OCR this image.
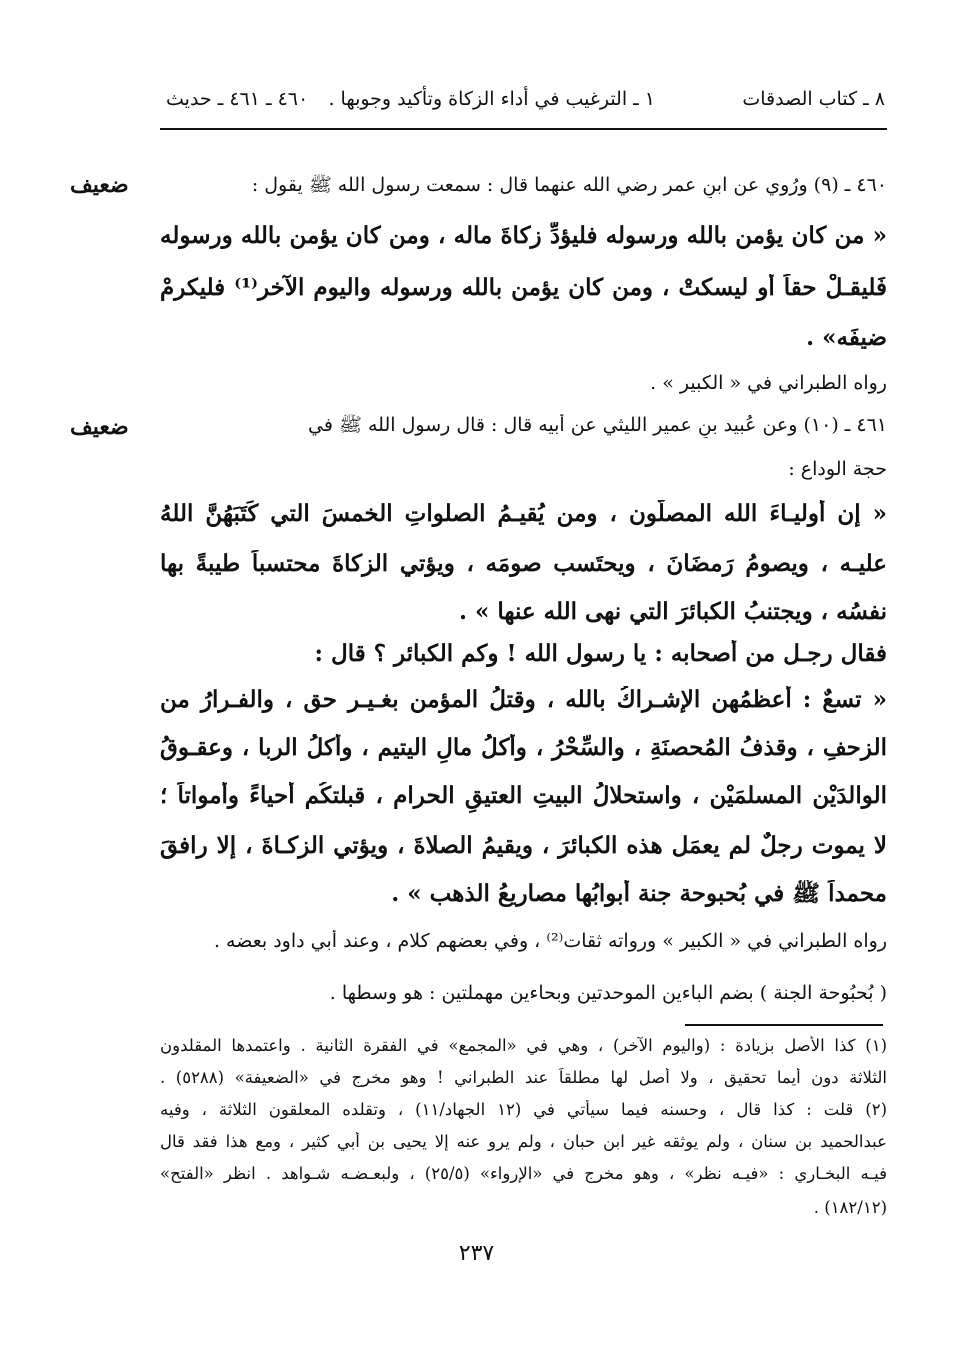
٨ ـ كتاب الصدقات
١ ـ الترغيب في أداء الزكاة وتأكيد وجوبها .
٤٦٠ ـ ٤٦١ ـ حديث
ضعيف	٤٦٠ ـ (٩) ورُوي عن ابنِ عمر رضي الله عنهما قال : سمعت رسول الله ﷺ يقول :
« من كان يؤمن بالله ورسوله فليؤدِّ زكاةَ ماله ، ومن كان يؤمن بالله ورسوله
فَليقـلْ حقاً أَو ليسكتْ ، ومن كان يؤمن بالله ورسوله واليوم الآخر⁽¹⁾ فليكرمْ
ضيفَه» .
رواه الطبراني في « الكبير » .
ضعيف	٤٦١ ـ (١٠) وعن عُبيد بنِ عمير الليثي عن أبيه قال : قال رسول الله ﷺ في
حجة الوداع :
« إن أَوليـاءَ الله المصلُّون ، ومن يُقيـمُ الصلواتِ الخمسَ التي كَتَبَهُنَّ اللهُ
عليـه ، ويصومُ رَمضَانَ ، ويحتَسب صومَه ، ويؤتي الزكاةَ محتسباً طيبةً بها
نفسُه ، ويجتنبُ الكبائرَ التي نهى الله عنها » .
فقال رجـل من أصحابه : يا رسول الله ! وكم الكبائر ؟ قال :
« تسعٌ : أعظمُهن الإشـراكُ بالله ، وقتلُ المؤمن بغـيـر حق ، والفـرارُ من
الزحفِ ، وقذفُ المُحصنَةِ ، والسِّحْرُ ، وأكلُ مالِ اليتيم ، وأَكلُ الربا ، وعقـوقُ
الوالدَيْن المسلمَيْن ، واستحلالُ البيتِ العتيقِ الحرام ، قبلتكُم أحياءً وأمواتاً ؛
لا يموت رجلٌ لم يعمَل هذه الكبائرَ ، ويقيمُ الصلاةَ ، ويؤتي الزكـاةَ ، إلا رافقَ
محمداً ﷺ في بُحبوحة جنة أَبوابُها مصاريعُ الذهب » .
رواه الطبراني في « الكبير » ورواته ثقات⁽²⁾ ، وفي بعضهم كلام ، وعند أبي داود بعضه .
( بُحبُوحة الجنة ) بضم الباءين الموحدتين وبحاءين مهملتين : هو وسطها .
(١) كذا الأصل بزيادة : (واليوم الآخر) ، وهي في «المجمع» في الفقرة الثانية . واعتمدها المقلدون
الثلاثة دون أيما تحقيق ، ولا أصل لها مطلقاً عند الطبراني ! وهو مخرج في «الضعيفة» (٥٢٨٨) .
(٢) قلت : كذا قال ، وحسنه فيما سيأتي في (١٢ الجهاد/١١) ، وتقلده المعلقون الثلاثة ، وفيه
عبدالحميد بن سنان ، ولم يوثقه غير ابن حبان ، ولم يرو عنه إلا يحيى بن أبي كثير ، ومع هذا فقد قال
فيـه البخـاري : «فيـه نظر» ، وهو مخرج في «الإرواء» (٢٥/٥) ، ولبعـضـه شـواهد . انظر «الفتح»
(١٨٢/١٢) .
٢٣٧
